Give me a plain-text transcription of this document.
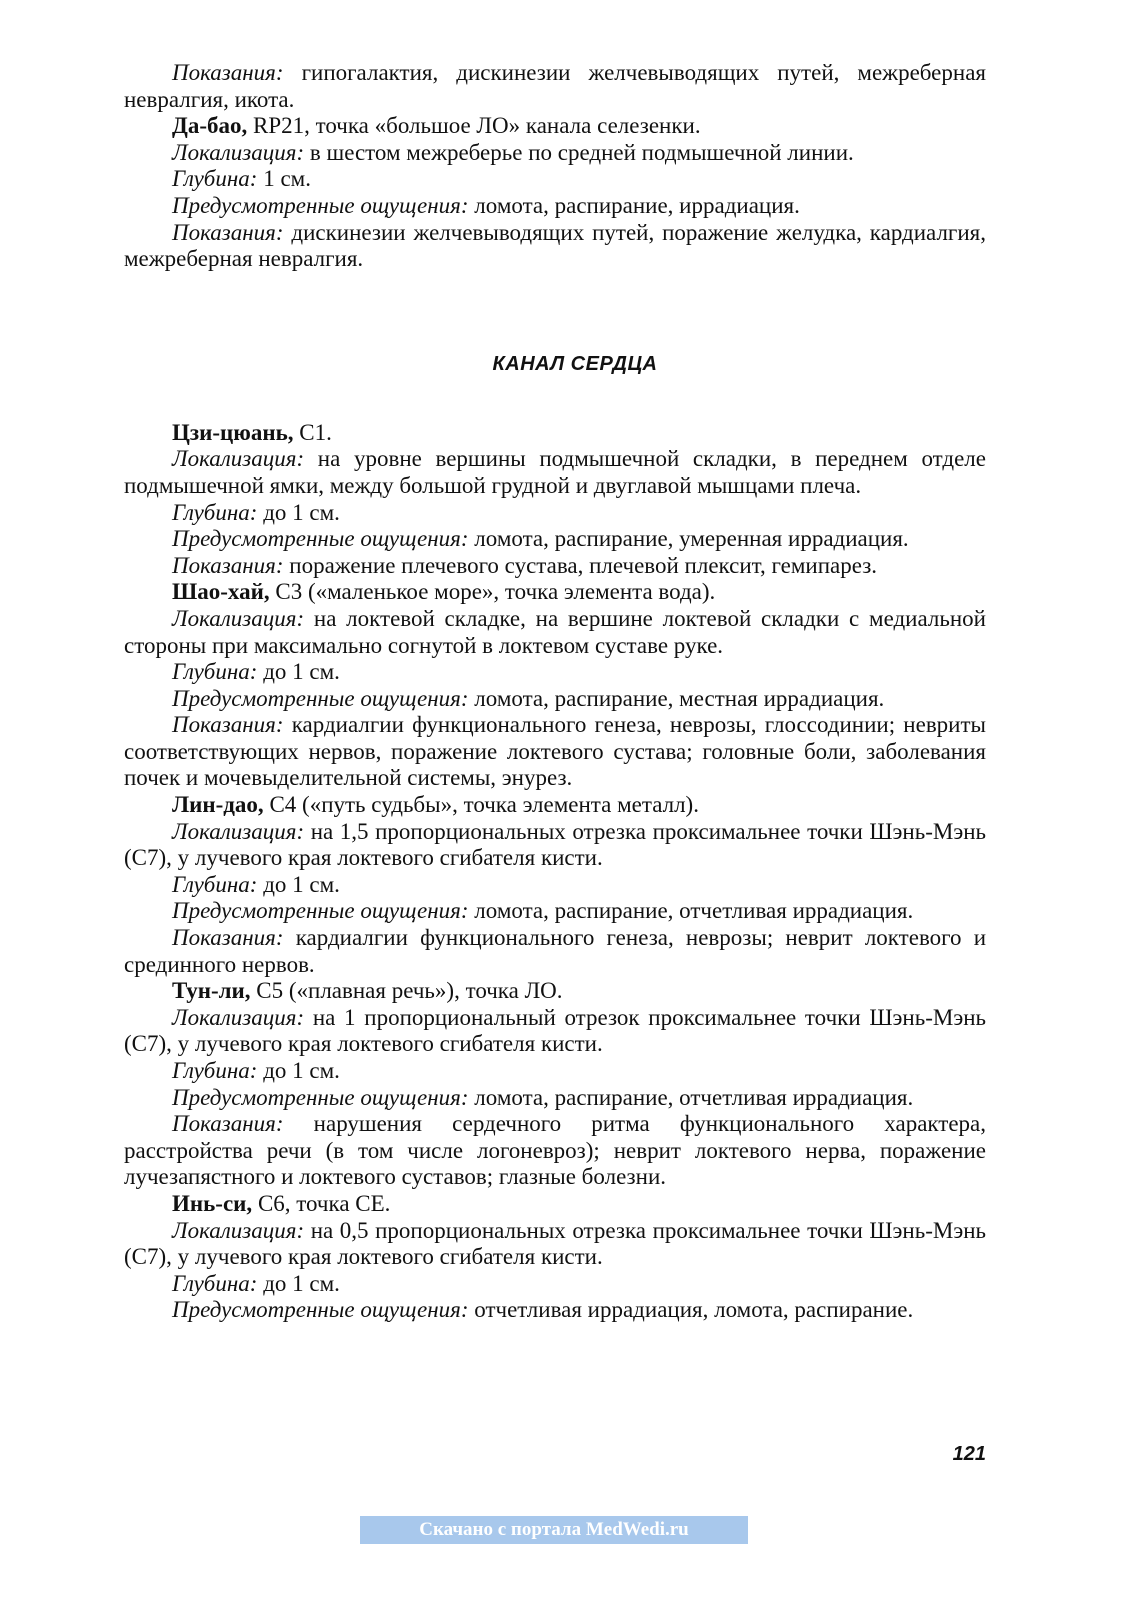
Показания: гипогалактия, дискинезии желчевыводящих путей, межреберная невралгия, икота.

Да-бао, RP21, точка «большое ЛО» канала селезенки.

Локализация: в шестом межреберье по средней подмышечной линии.

Глубина: 1 см.

Предусмотренные ощущения: ломота, распирание, иррадиация.

Показания: дискинезии желчевыводящих путей, поражение желудка, кардиалгия, межреберная невралгия.

КАНАЛ СЕРДЦА

Цзи-цюань, C1.

Локализация: на уровне вершины подмышечной складки, в переднем отделе подмышечной ямки, между большой грудной и двуглавой мышцами плеча.

Глубина: до 1 см.

Предусмотренные ощущения: ломота, распирание, умеренная иррадиация.

Показания: поражение плечевого сустава, плечевой плексит, гемипарез.

Шао-хай, C3 («маленькое море», точка элемента вода).

Локализация: на локтевой складке, на вершине локтевой складки с медиальной стороны при максимально согнутой в локтевом суставе руке.

Глубина: до 1 см.

Предусмотренные ощущения: ломота, распирание, местная иррадиация.

Показания: кардиалгии функционального генеза, неврозы, глоссодинии; невриты соответствующих нервов, поражение локтевого сустава; головные боли, заболевания почек и мочевыделительной системы, энурез.

Лин-дао, C4 («путь судьбы», точка элемента металл).

Локализация: на 1,5 пропорциональных отрезка проксимальнее точки Шэнь-Мэнь (C7), у лучевого края локтевого сгибателя кисти.

Глубина: до 1 см.

Предусмотренные ощущения: ломота, распирание, отчетливая иррадиация.

Показания: кардиалгии функционального генеза, неврозы; неврит локтевого и срединного нервов.

Тун-ли, C5 («плавная речь»), точка ЛО.

Локализация: на 1 пропорциональный отрезок проксимальнее точки Шэнь-Мэнь (C7), у лучевого края локтевого сгибателя кисти.

Глубина: до 1 см.

Предусмотренные ощущения: ломота, распирание, отчетливая иррадиация.

Показания: нарушения сердечного ритма функционального характера, расстройства речи (в том числе логоневроз); неврит локтевого нерва, поражение лучезапястного и локтевого суставов; глазные болезни.

Инь-си, C6, точка CE.

Локализация: на 0,5 пропорциональных отрезка проксимальнее точки Шэнь-Мэнь (C7), у лучевого края локтевого сгибателя кисти.

Глубина: до 1 см.

Предусмотренные ощущения: отчетливая иррадиация, ломота, распирание.

121
Скачано с портала MedWedi.ru
